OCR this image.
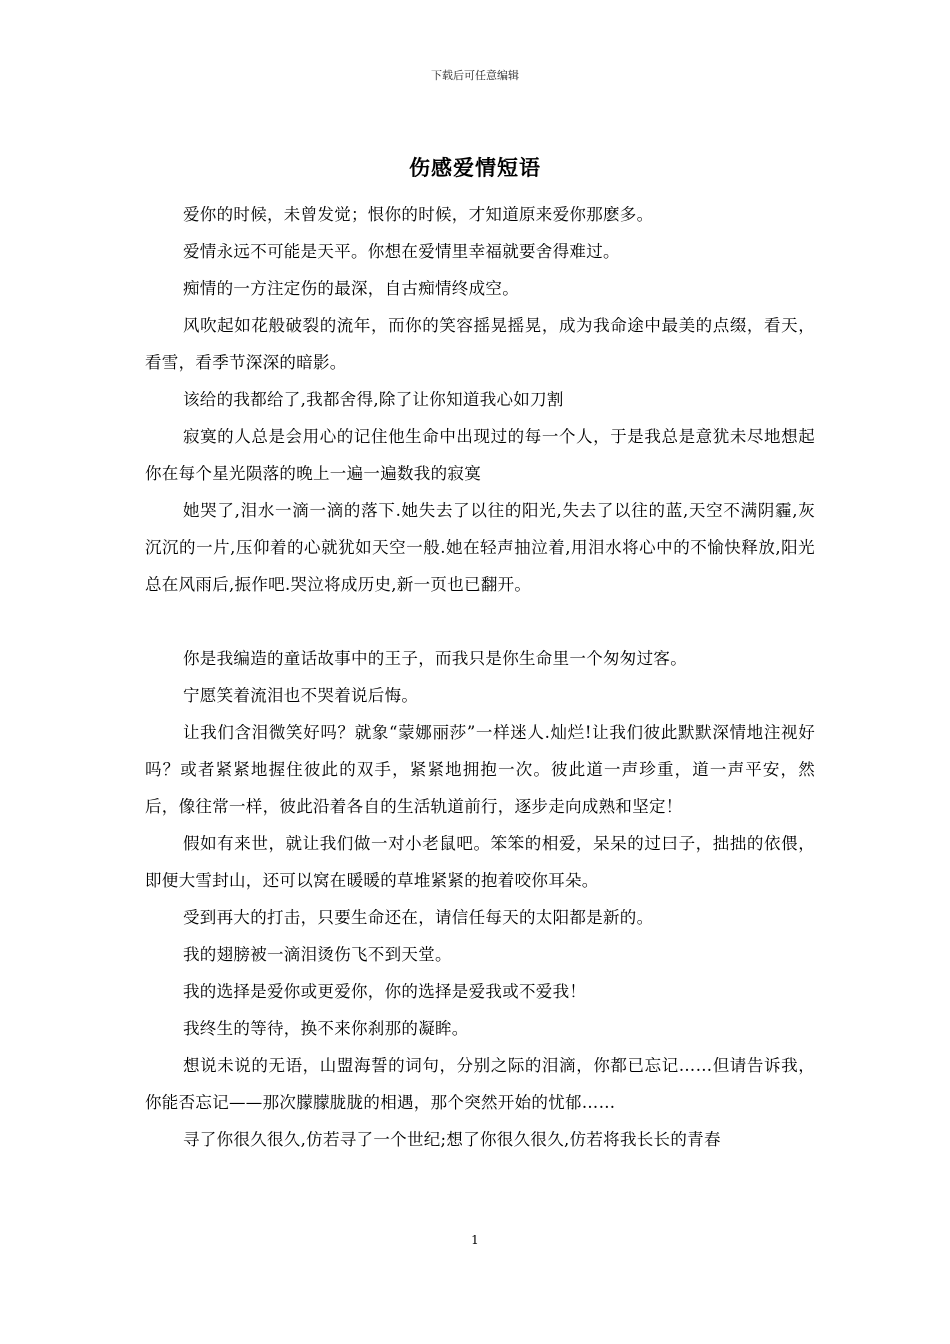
下载后可任意编辑
伤感爱情短语

爱你的时候，未曾发觉；恨你的时候，才知道原来爱你那麽多。

爱情永远不可能是天平。你想在爱情里幸福就要舍得难过。

痴情的一方注定伤的最深，自古痴情终成空。

风吹起如花般破裂的流年，而你的笑容摇晃摇晃，成为我命途中最美的点缀，看天，看雪，看季节深深的暗影。

该给的我都给了,我都舍得,除了让你知道我心如刀割

寂寞的人总是会用心的记住他生命中出现过的每一个人，于是我总是意犹未尽地想起你在每个星光陨落的晚上一遍一遍数我的寂寞

她哭了,泪水一滴一滴的落下.她失去了以往的阳光,失去了以往的蓝,天空不满阴霾,灰沉沉的一片,压仰着的心就犹如天空一般.她在轻声抽泣着,用泪水将心中的不愉快释放,阳光总在风雨后,振作吧.哭泣将成历史,新一页也已翻开。

你是我编造的童话故事中的王子，而我只是你生命里一个匆匆过客。

宁愿笑着流泪也不哭着说后悔。

让我们含泪微笑好吗？就象“蒙娜丽莎”一样迷人.灿烂!让我们彼此默默深情地注视好吗？或者紧紧地握住彼此的双手，紧紧地拥抱一次。彼此道一声珍重，道一声平安，然后，像往常一样，彼此沿着各自的生活轨道前行，逐步走向成熟和坚定！

假如有来世，就让我们做一对小老鼠吧。笨笨的相爱，呆呆的过曰子，拙拙的依偎，即便大雪封山，还可以窝在暖暖的草堆紧紧的抱着咬你耳朵。

受到再大的打击，只要生命还在，请信任每天的太阳都是新的。

我的翅膀被一滴泪烫伤飞不到天堂。

我的选择是爱你或更爱你，你的选择是爱我或不爱我！

我终生的等待，换不来你刹那的凝眸。

想说未说的无语，山盟海誓的词句，分别之际的泪滴，你都已忘记……但请告诉我，你能否忘记——那次朦朦胧胧的相遇，那个突然开始的忧郁……

寻了你很久很久,仿若寻了一个世纪;想了你很久很久,仿若将我长长的青春

1
